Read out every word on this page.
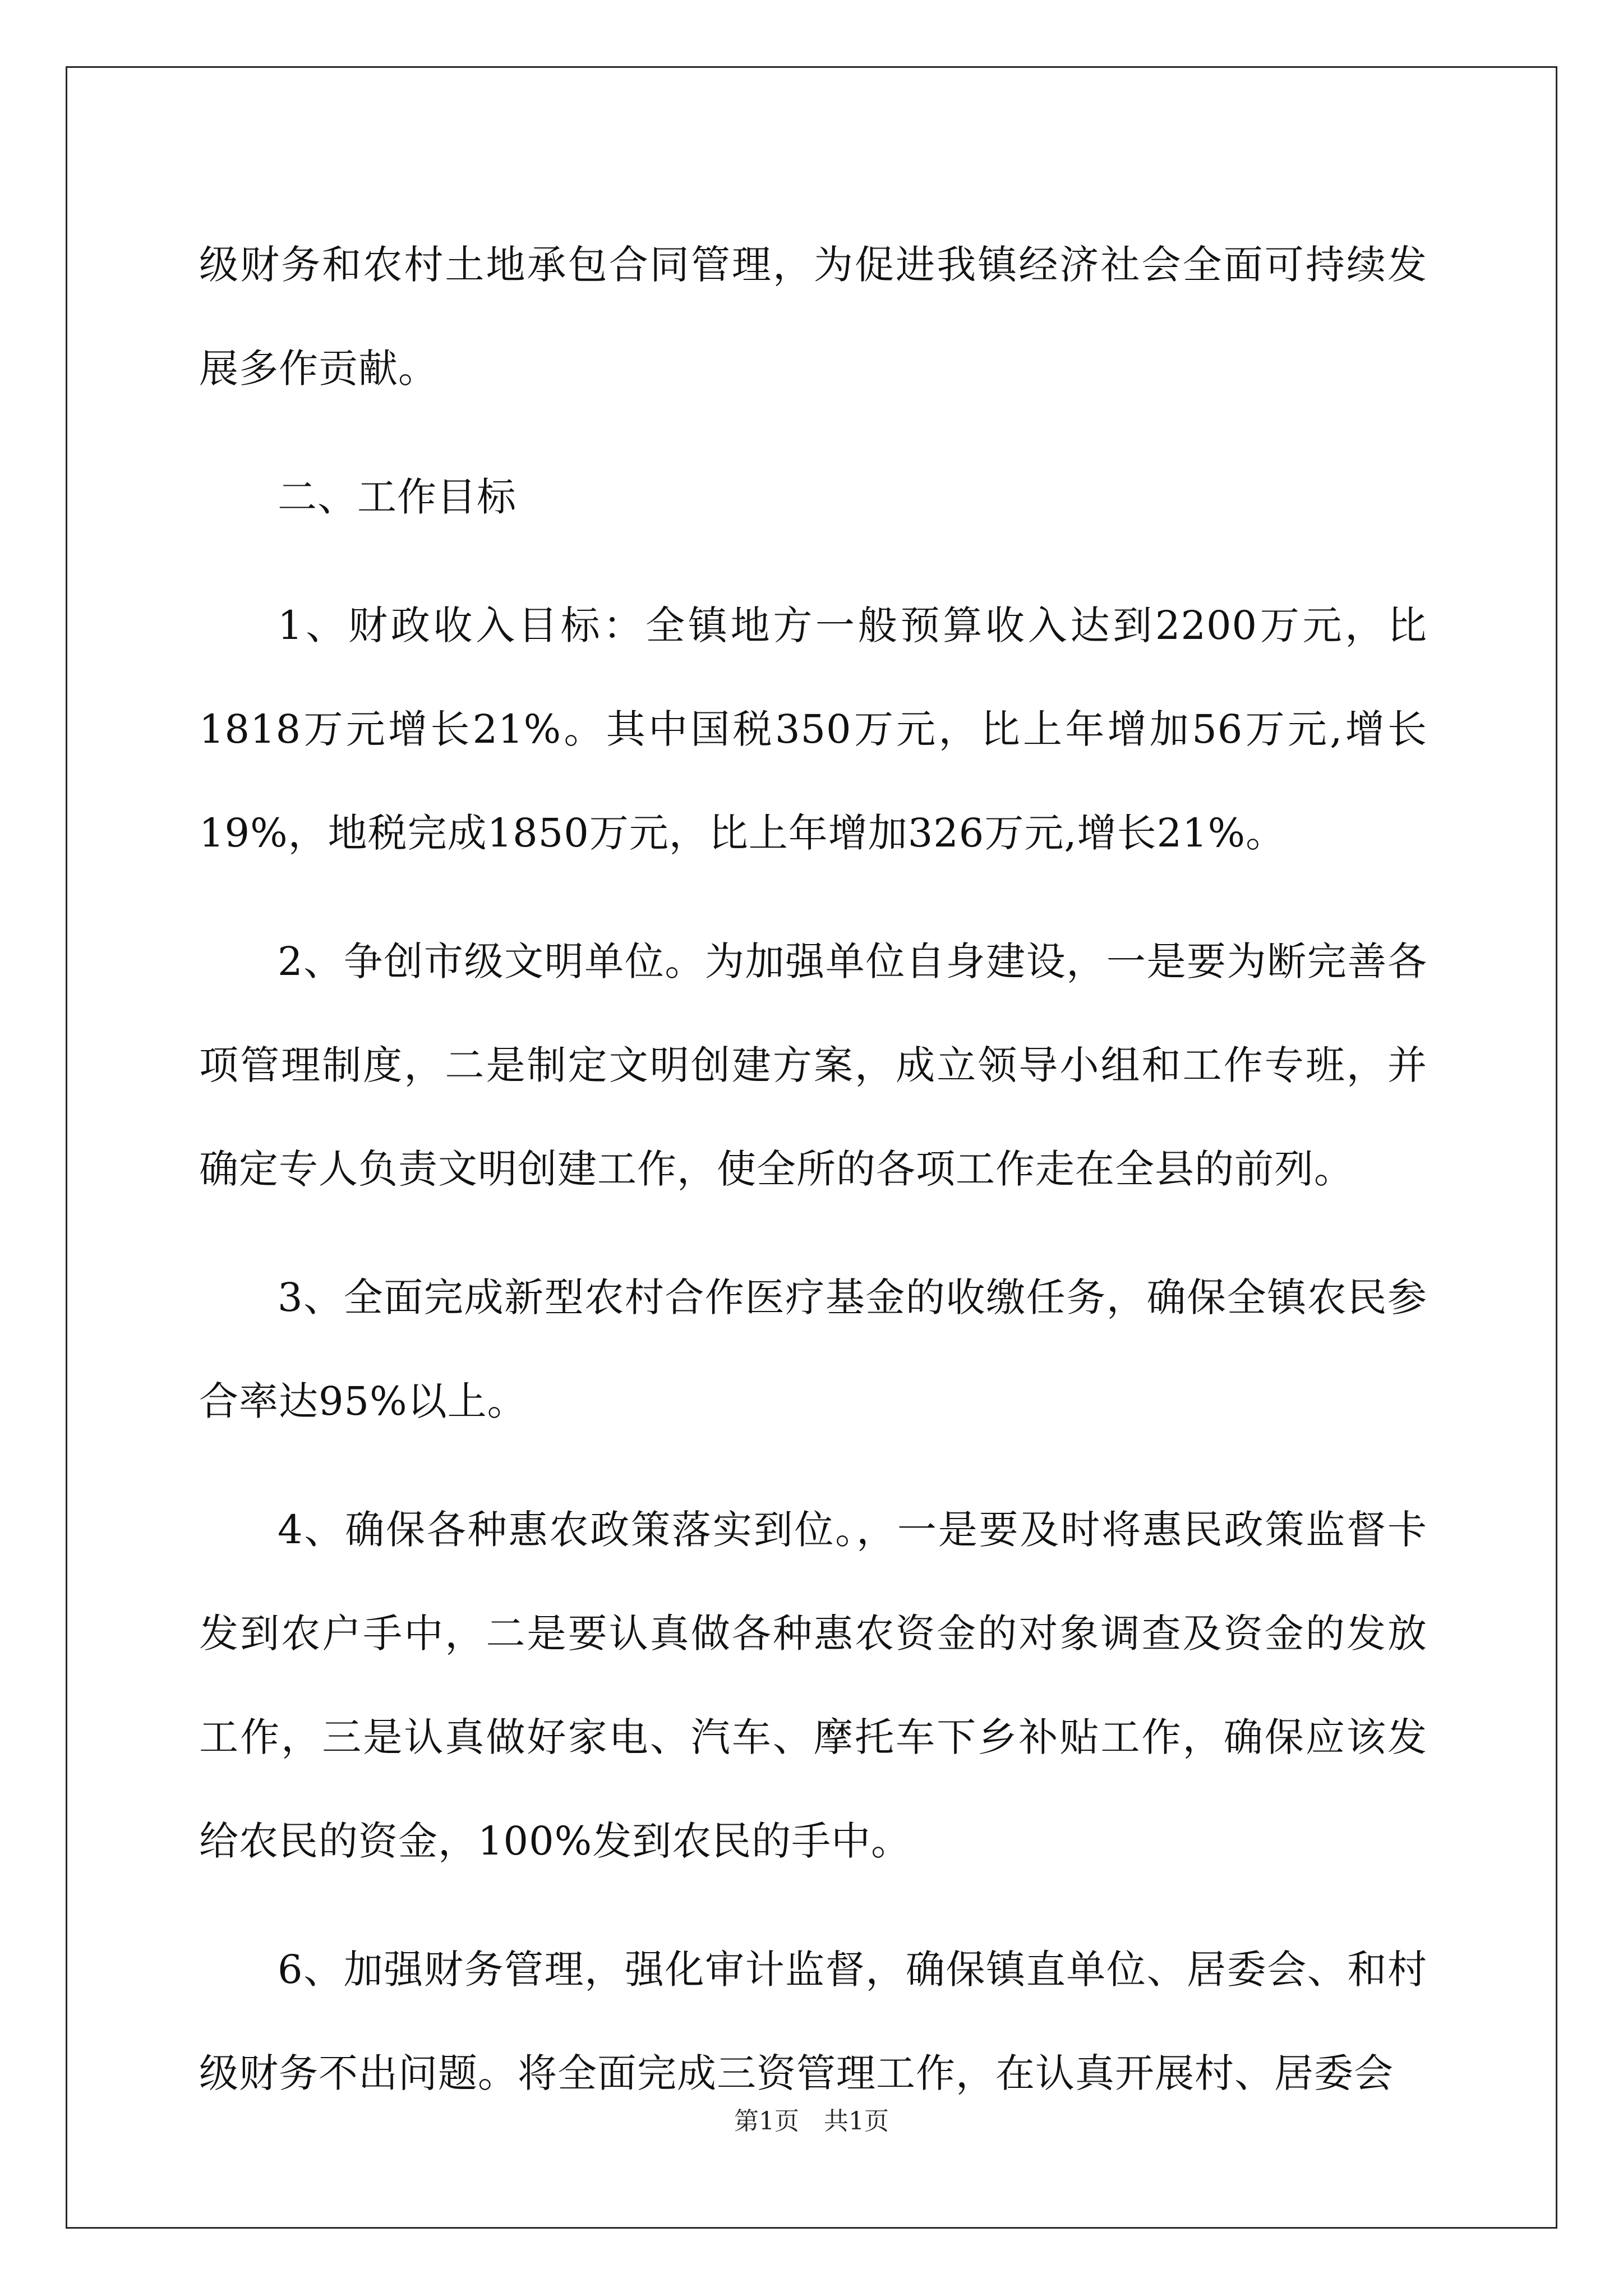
级财务和农村土地承包合同管理，为促进我镇经济社会全面可持续发展多作贡献。

二、工作目标

1、财政收入目标：全镇地方一般预算收入达到2200万元，比1818万元增长21%。其中国税350万元，比上年增加56万元,增长19%，地税完成1850万元，比上年增加326万元,增长21%。

2、争创市级文明单位。为加强单位自身建设，一是要为断完善各项管理制度，二是制定文明创建方案，成立领导小组和工作专班，并确定专人负责文明创建工作，使全所的各项工作走在全县的前列。

3、全面完成新型农村合作医疗基金的收缴任务，确保全镇农民参合率达95%以上。

4、确保各种惠农政策落实到位。，一是要及时将惠民政策监督卡发到农户手中，二是要认真做各种惠农资金的对象调查及资金的发放工作，三是认真做好家电、汽车、摩托车下乡补贴工作，确保应该发给农民的资金，100%发到农民的手中。

6、加强财务管理，强化审计监督，确保镇直单位、居委会、和村级财务不出问题。将全面完成三资管理工作，在认真开展村、居委会

第1页　共1页
